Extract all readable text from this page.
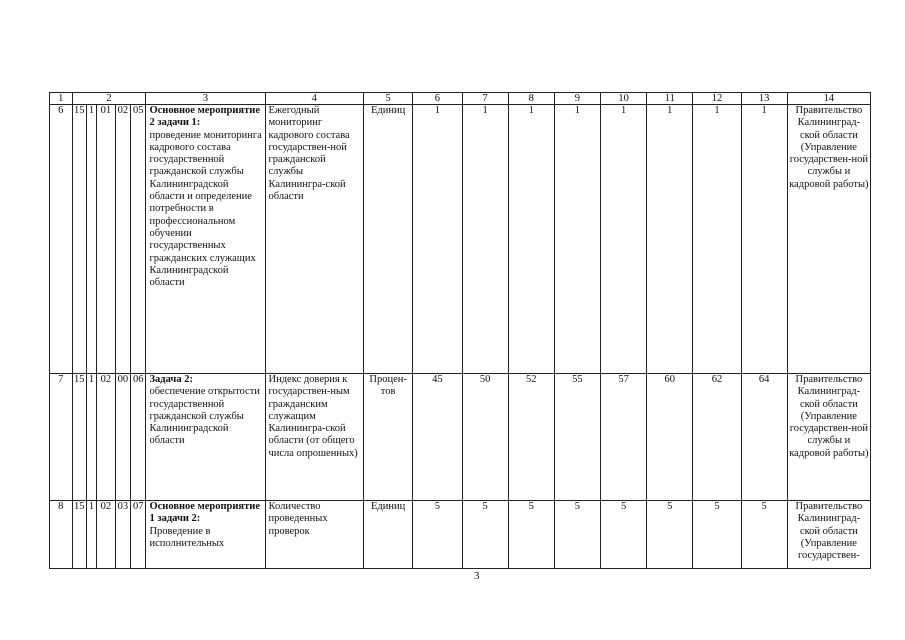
1	2					3	4	5	6	7	8	9	10	11	12	13	14
6	15	1	01	02	05	Основное мероприятие 2 задачи 1:
проведение мониторинга кадрового состава государственной гражданской службы Калининградской области и определение потребности в профессиональном обучении государственных гражданских служащих Калининградской области	Ежегодный мониторинг кадрового состава государствен-ной гражданской службы Калинингра-ской области	Единиц	1	1	1	1	1	1	1	1	Правительство Калининград-ской области (Управление государствен-ной службы и кадровой работы)
7	15	1	02	00	06	Задача 2:
обеспечение открытости государственной гражданской службы Калининградской области	Индекс доверия к государствен-ным гражданским служащим Калинингра-ской области (от общего числа опрошенных)	Процен-тов	45	50	52	55	57	60	62	64	Правительство Калининград-ской области (Управление государствен-ной службы и кадровой работы)
8	15	1	02	03	07	Основное мероприятие 1 задачи 2:
Проведение в исполнительных	Количество проведенных проверок	Единиц	5	5	5	5	5	5	5	5	Правительство Калининград-ской области (Управление государствен-
3
